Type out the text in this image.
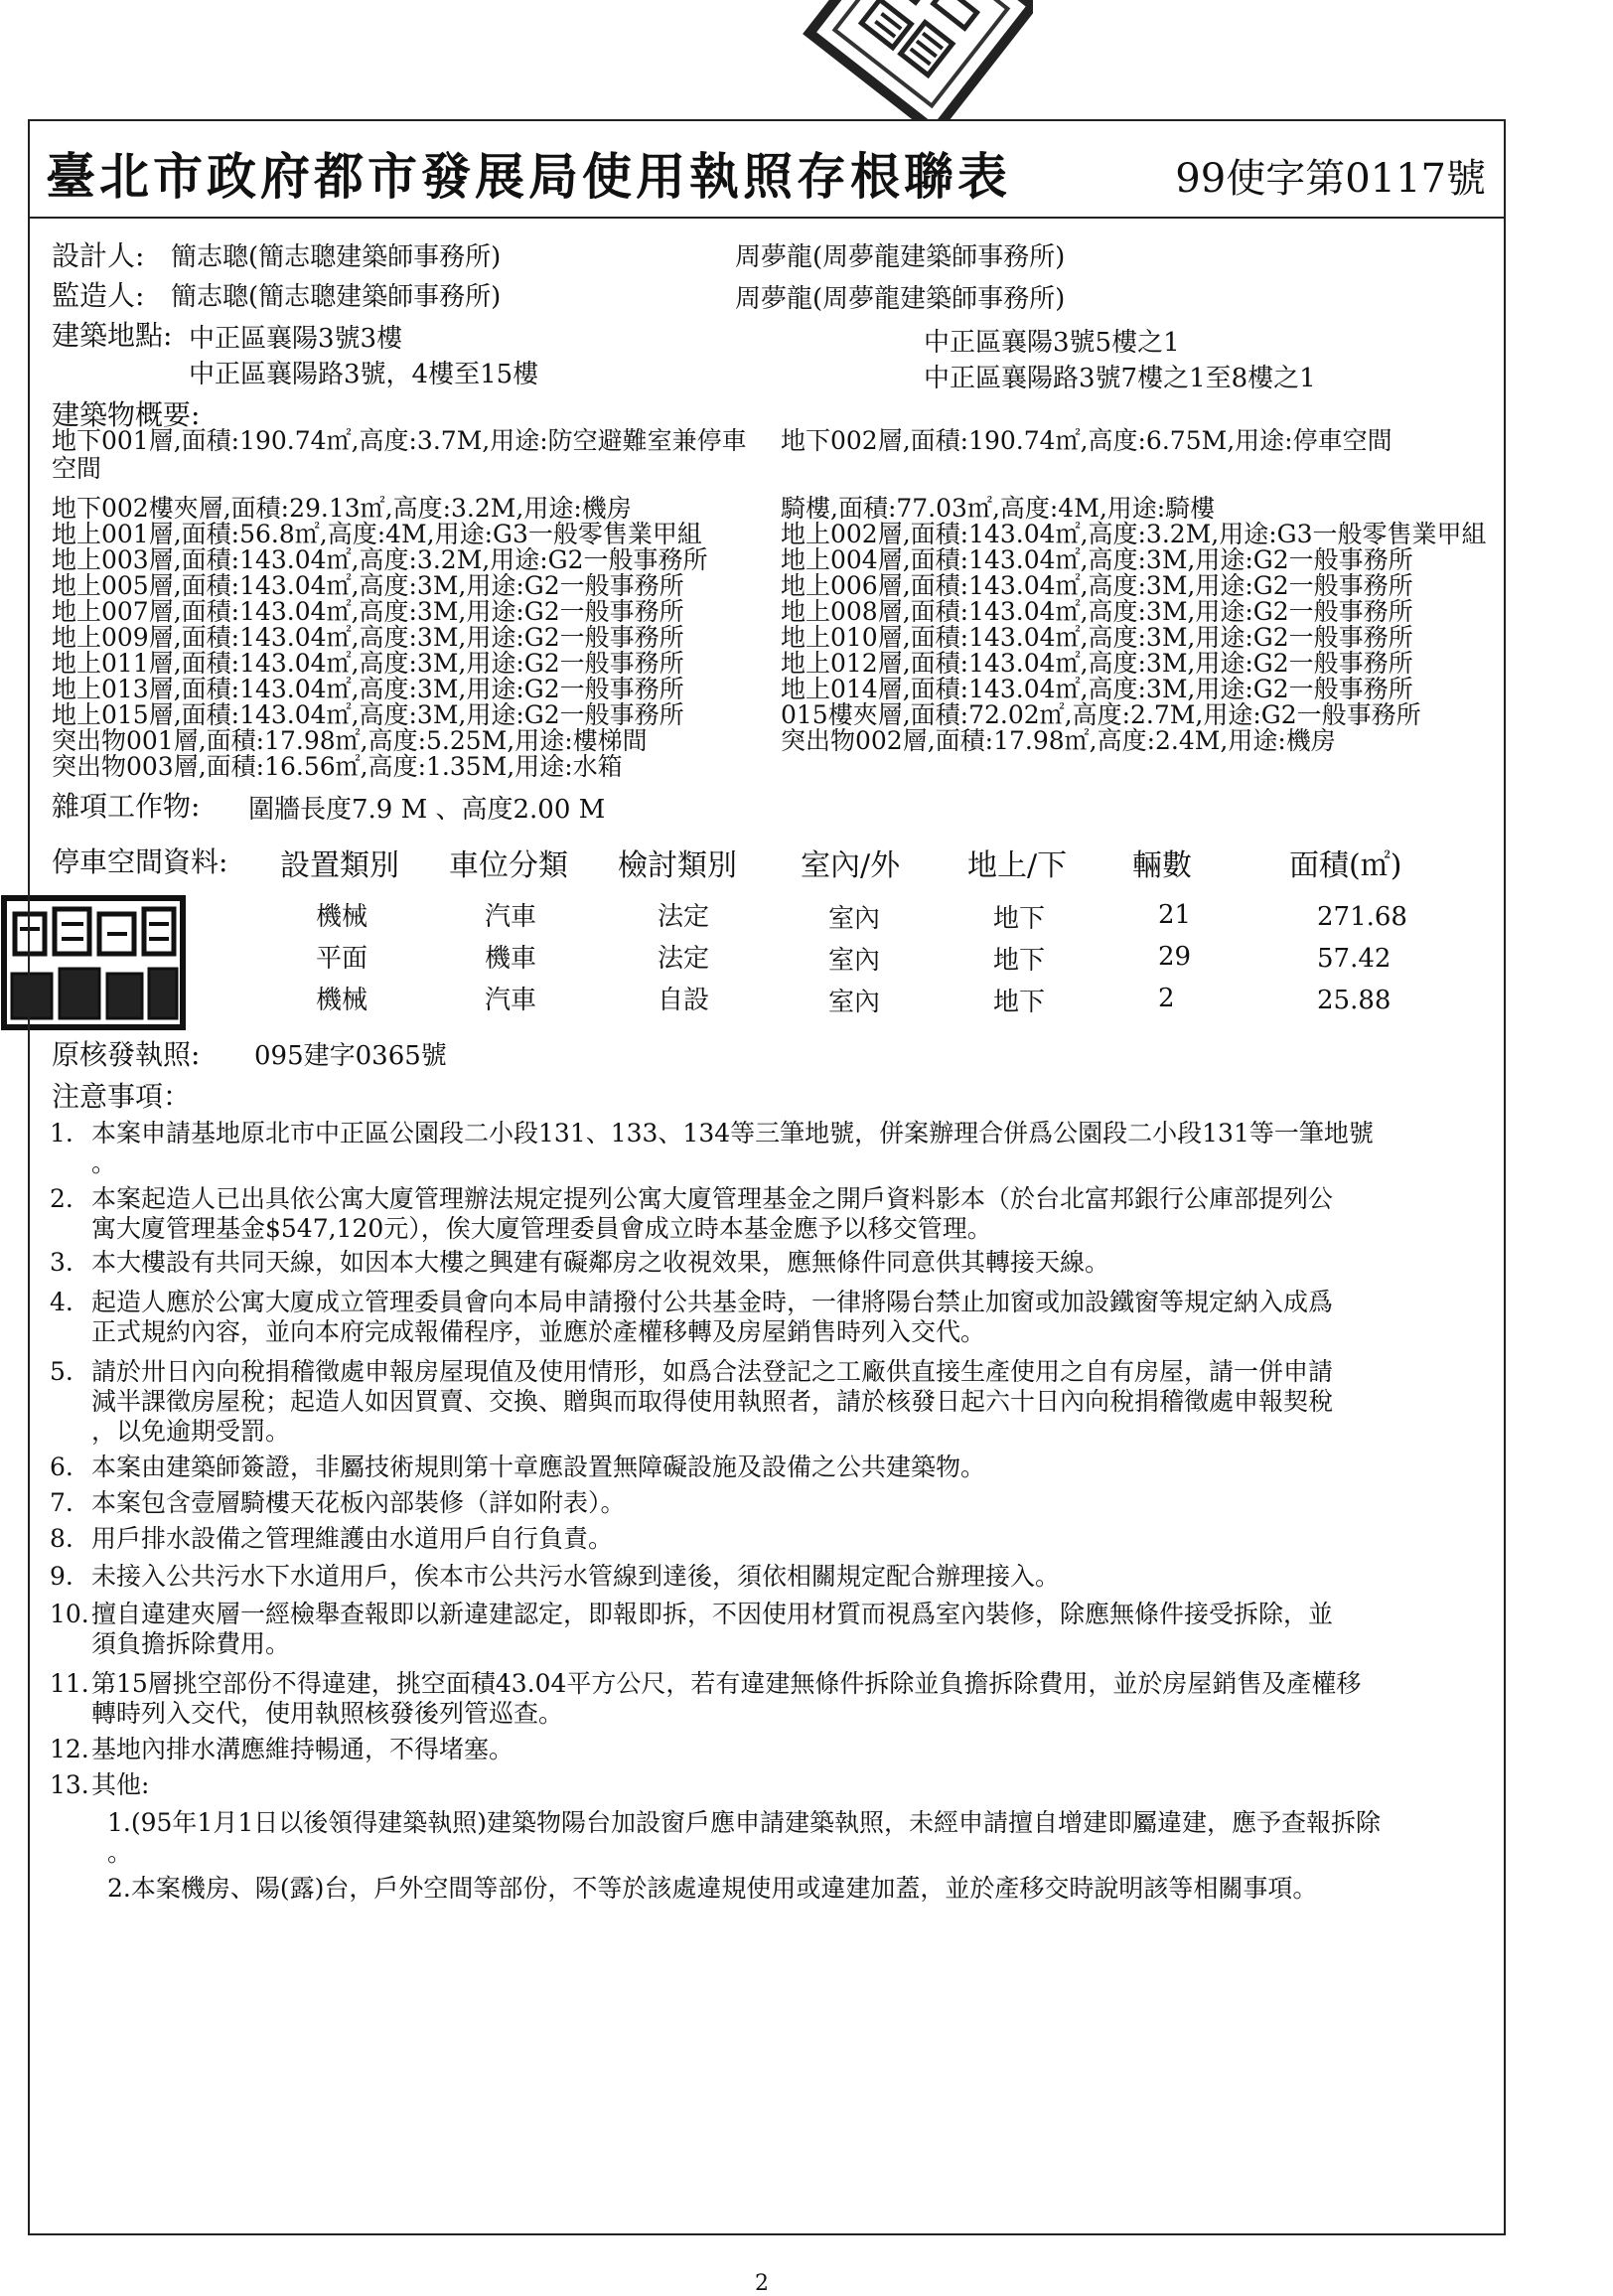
臺北市政府都市發展局使用執照存根聯表	99使字第0117號
設計人: 簡志聰(簡志聰建築師事務所)	周夢龍(周夢龍建築師事務所)
監造人: 簡志聰(簡志聰建築師事務所)	周夢龍(周夢龍建築師事務所)
建築地點: 中正區襄陽3號3樓
中正區襄陽路3號，4樓至15樓
中正區襄陽3號5樓之1
中正區襄陽路3號7樓之1至8樓之1
建築物概要:
地下001層,面積:190.74㎡,高度:3.7M,用途:防空避難室兼停車
空間
地下002樓夾層,面積:29.13㎡,高度:3.2M,用途:機房
地上001層,面積:56.8㎡,高度:4M,用途:G3一般零售業甲組
地上003層,面積:143.04㎡,高度:3.2M,用途:G2一般事務所
地上005層,面積:143.04㎡,高度:3M,用途:G2一般事務所
地上007層,面積:143.04㎡,高度:3M,用途:G2一般事務所
地上009層,面積:143.04㎡,高度:3M,用途:G2一般事務所
地上011層,面積:143.04㎡,高度:3M,用途:G2一般事務所
地上013層,面積:143.04㎡,高度:3M,用途:G2一般事務所
地上015層,面積:143.04㎡,高度:3M,用途:G2一般事務所
突出物001層,面積:17.98㎡,高度:5.25M,用途:樓梯間
突出物003層,面積:16.56㎡,高度:1.35M,用途:水箱
地下002層,面積:190.74㎡,高度:6.75M,用途:停車空間
騎樓,面積:77.03㎡,高度:4M,用途:騎樓
地上002層,面積:143.04㎡,高度:3.2M,用途:G3一般零售業甲組
地上004層,面積:143.04㎡,高度:3M,用途:G2一般事務所
地上006層,面積:143.04㎡,高度:3M,用途:G2一般事務所
地上008層,面積:143.04㎡,高度:3M,用途:G2一般事務所
地上010層,面積:143.04㎡,高度:3M,用途:G2一般事務所
地上012層,面積:143.04㎡,高度:3M,用途:G2一般事務所
地上014層,面積:143.04㎡,高度:3M,用途:G2一般事務所
015樓夾層,面積:72.02㎡,高度:2.7M,用途:G2一般事務所
突出物002層,面積:17.98㎡,高度:2.4M,用途:機房
雜項工作物: 圍牆長度7.9 M 、高度2.00 M
停車空間資料: 設置類別 車位分類 檢討類別 室內/外 地上/下 輛數	面積(㎡)
機械	汽車	法定	室內	地下	21	271.68
平面	機車	法定	室內	地下	29	57.42
機械	汽車	自設	室內	地下	2	25.88
原核發執照: 095建字0365號
注意事項：
1. 本案申請基地原北市中正區公園段二小段131、133、134等三筆地號，併案辦理合併爲公園段二小段131等一筆地號
。
2. 本案起造人已出具依公寓大廈管理辦法規定提列公寓大廈管理基金之開戶資料影本（於台北富邦銀行公庫部提列公
寓大廈管理基金$547,120元），俟大廈管理委員會成立時本基金應予以移交管理。
3. 本大樓設有共同天線，如因本大樓之興建有礙鄰房之收視效果，應無條件同意供其轉接天線。
4. 起造人應於公寓大廈成立管理委員會向本局申請撥付公共基金時，一律將陽台禁止加窗或加設鐵窗等規定納入成爲
正式規約內容，並向本府完成報備程序，並應於產權移轉及房屋銷售時列入交代。
5. 請於卅日內向稅捐稽徵處申報房屋現值及使用情形，如爲合法登記之工廠供直接生產使用之自有房屋，請一併申請
減半課徵房屋稅；起造人如因買賣、交換、贈與而取得使用執照者，請於核發日起六十日內向稅捐稽徵處申報契稅
，以免逾期受罰。
6. 本案由建築師簽證，非屬技術規則第十章應設置無障礙設施及設備之公共建築物。
7. 本案包含壹層騎樓天花板內部裝修（詳如附表）。
8. 用戶排水設備之管理維護由水道用戶自行負責。
9. 未接入公共污水下水道用戶，俟本市公共污水管線到達後，須依相關規定配合辦理接入。
10. 擅自違建夾層一經檢舉查報即以新違建認定，即報即拆，不因使用材質而視爲室內裝修，除應無條件接受拆除，並
須負擔拆除費用。
11. 第15層挑空部份不得違建，挑空面積43.04平方公尺，若有違建無條件拆除並負擔拆除費用，並於房屋銷售及產權移
轉時列入交代，使用執照核發後列管巡查。
12. 基地內排水溝應維持暢通，不得堵塞。
13. 其他:
1.(95年1月1日以後領得建築執照)建築物陽台加設窗戶應申請建築執照，未經申請擅自增建即屬違建，應予查報拆除
。
2.本案機房、陽(露)台，戶外空間等部份，不等於該處違規使用或違建加蓋，並於產移交時說明該等相關事項。
2
